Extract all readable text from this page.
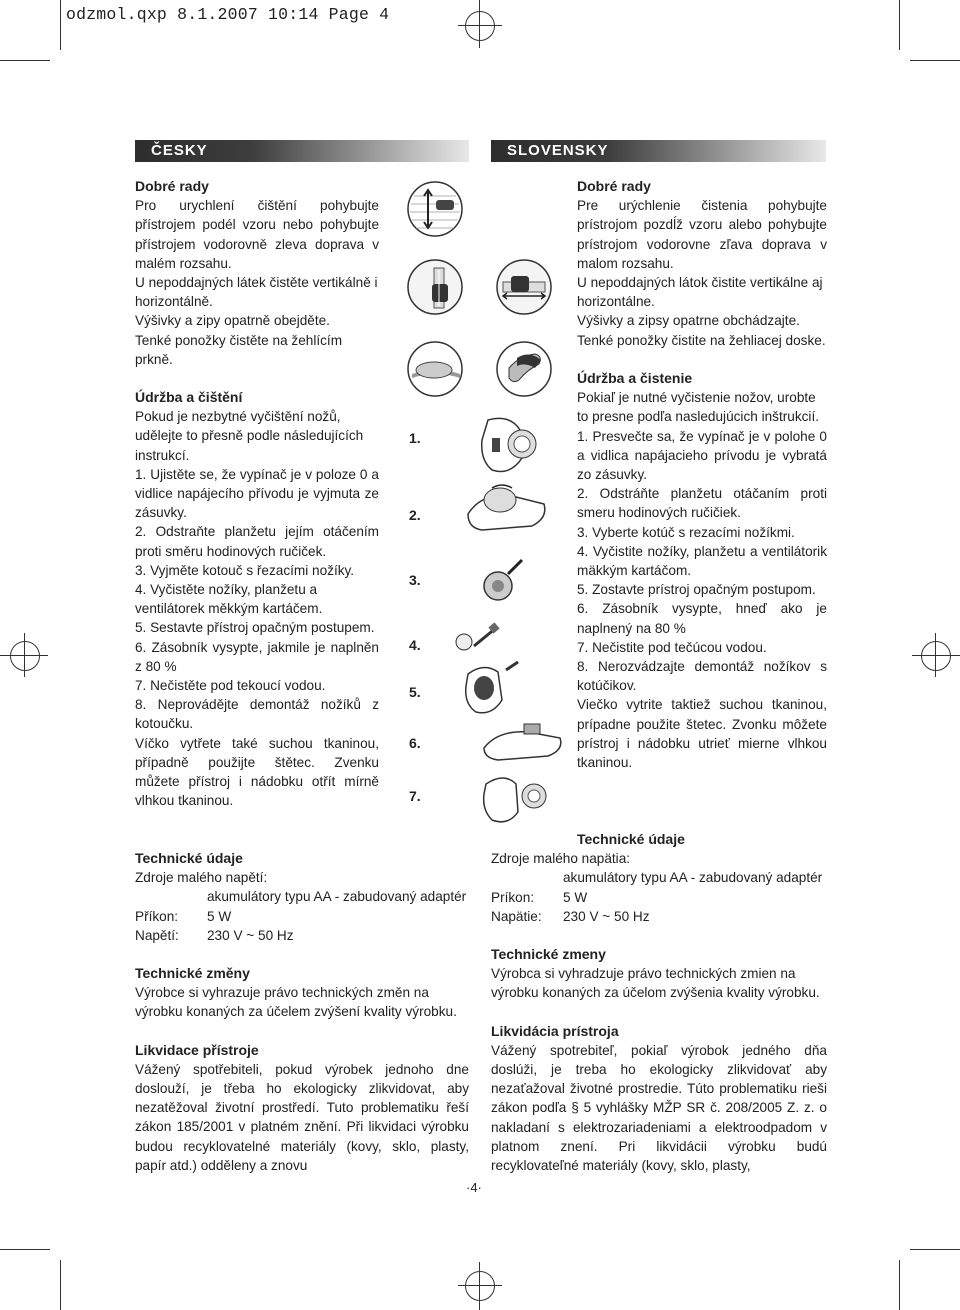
odzmol.qxp 8.1.2007 10:14 Page 4
ČESKY	SLOVENSKY
Dobré rady

Pro urychlení čištění pohybujte přístrojem podél vzoru nebo pohybujte přístrojem vodorovně zleva doprava v malém rozsahu.

U nepoddajných látek čistěte vertikálně i horizontálně.

Výšivky a zipy opatrně obejděte.

Tenké ponožky čistěte na žehlícím prkně.

Údržba a čištění

Pokud je nezbytné vyčištění nožů, udělejte to přesně podle následujících instrukcí.

1. Ujistěte se, že vypínač je v poloze 0 a vidlice napájecího přívodu je vyjmuta ze zásuvky.

2. Odstraňte planžetu jejím otáčením proti směru hodinových ručiček.

3. Vyjměte kotouč s řezacími nožíky.

4. Vyčistěte nožíky, planžetu a ventilátorek měkkým kartáčem.

5. Sestavte přístroj opačným postupem.

6. Zásobník vysypte, jakmile je naplněn z 80 %

7. Nečistěte pod tekoucí vodou.

8. Neprovádějte demontáž nožíků z kotoučku.

Víčko vytřete také suchou tkaninou, případně použijte štětec. Zvenku můžete přístroj i nádobku otřít mírně vlhkou tkaninou.

1.
2.
3.
4.
5.
6.
7.
Dobré rady

Pre urýchlenie čistenia pohybujte prístrojom pozdĺž vzoru alebo pohybujte prístrojom vodorovne zľava doprava v malom rozsahu.

U nepoddajných látok čistite vertikálne aj horizontálne.

Výšivky a zipsy opatrne obchádzajte.

Tenké ponožky čistite na žehliacej doske.

Údržba a čistenie

Pokiaľ je nutné vyčistenie nožov, urobte to presne podľa nasledujúcich inštrukcií.

1. Presvečte sa, že vypínač je v polohe 0 a vidlica napájacieho prívodu je vybratá zo zásuvky.

2. Odstráňte planžetu otáčaním proti smeru hodinových ručičiek.

3. Vyberte kotúč s rezacími nožíkmi.

4. Vyčistite nožíky, planžetu a ventilátorik mäkkým kartáčom.

5. Zostavte prístroj opačným postupom.

6. Zásobník vysypte, hneď ako je naplnený na 80 %

7. Nečistite pod tečúcou vodou.

8. Nerozvádzajte demontáž nožíkov s kotúčikov.

Viečko vytrite taktiež suchou tkaninou, prípadne použite štetec. Zvonku môžete prístroj i nádobku utrieť mierne vlhkou tkaninou.

Technické údaje

Zdroje malého napětí:

akumulátory typu AA - zabudovaný adaptér

Příkon:	5 W
Napětí:	230 V ~ 50 Hz
Technické změny

Výrobce si vyhrazuje právo technických změn na výrobku konaných za účelem zvýšení kvality výrobku.

Likvidace přístroje

Vážený spotřebiteli, pokud výrobek jednoho dne doslouží, je třeba ho ekologicky zlikvidovat, aby nezatěžoval životní prostředí. Tuto problematiku řeší zákon 185/2001 v platném znění. Při likvidaci výrobku budou recyklovatelné materiály (kovy, sklo, plasty, papír atd.) odděleny a znovu

Technické údaje

Zdroje malého napätia:

akumulátory typu AA - zabudovaný adaptér

Príkon:	5 W
Napätie:	230 V ~ 50 Hz
Technické zmeny

Výrobca si vyhradzuje právo technických zmien na výrobku konaných za účelom zvýšenia kvality výrobku.

Likvidácia prístroja

Vážený spotrebiteľ, pokiaľ výrobok jedného dňa doslúži, je treba ho ekologicky zlikvidovať aby nezaťažoval životné prostredie. Túto problematiku rieši zákon podľa § 5 vyhlášky MŽP SR č. 208/2005 Z. z. o nakladaní s elektrozariadeniami a elektroodpadom v platnom znení. Pri likvidácii výrobku budú recyklovateľné materiály (kovy, sklo, plasty,

·4·
